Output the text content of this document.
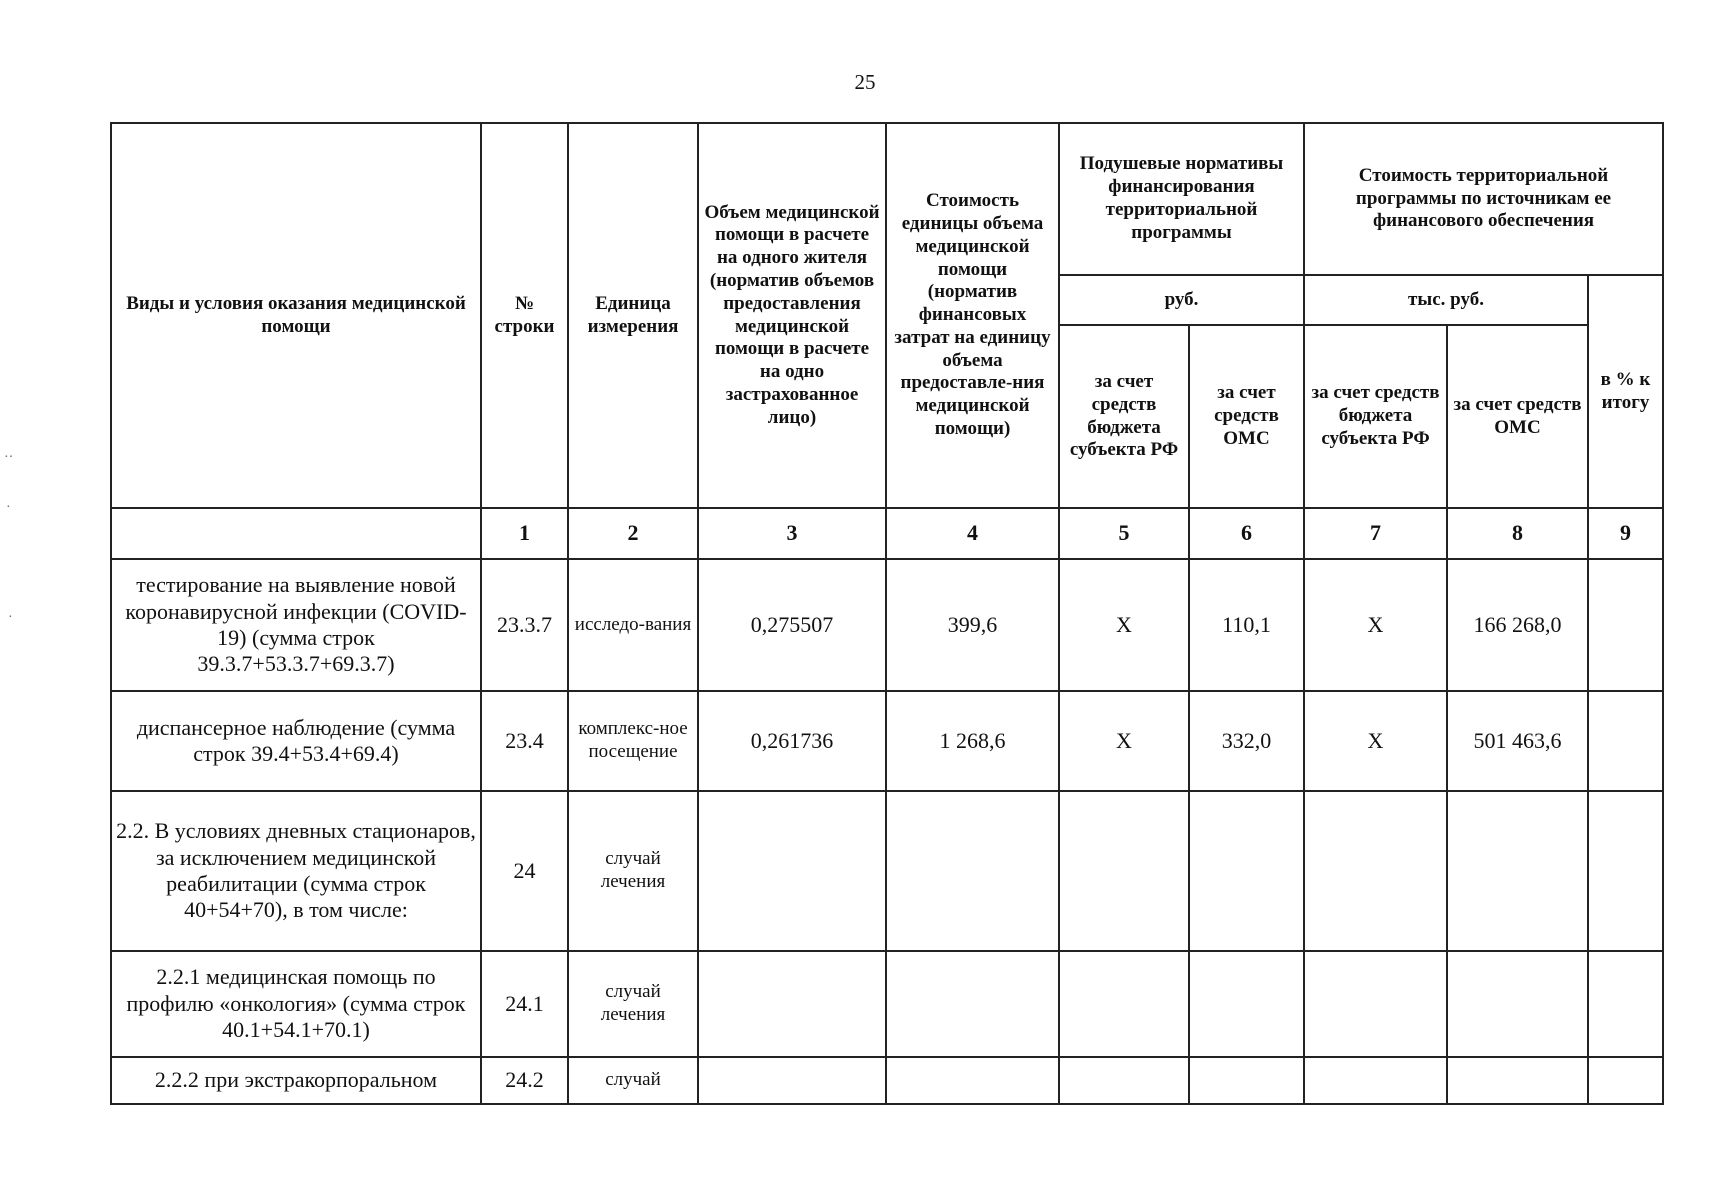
25
··
·
·
Виды и условия оказания медицинской помощи	№ строки	Единица измерения	Объем медицинской помощи в расчете на одного жителя (норматив объемов предоставления медицинской помощи в расчете на одно застрахованное лицо)	Стоимость единицы объема медицинской помощи (норматив финансовых затрат на единицу объема предоставле-ния медицинской помощи)	Подушевые нормативы финансирования территориальной программы		Стоимость территориальной программы по источникам ее финансового обеспечения		
					руб.		тыс. руб.		в % к итогу
					за счет средств бюджета субъекта РФ	за счет средств ОМС	за счет средств бюджета субъекта РФ	за счет средств ОМС	
	1	2	3	4	5	6	7	8	9
тестирование на выявление новой коронавирусной инфекции (COVID-19) (сумма строк 39.3.7+53.3.7+69.3.7)	23.3.7	исследо-вания	0,275507	399,6	Х	110,1	Х	166 268,0	
диспансерное наблюдение (сумма строк 39.4+53.4+69.4)	23.4	комплекс-ное посещение	0,261736	1 268,6	Х	332,0	Х	501 463,6	
2.2. В условиях дневных стационаров, за исключением медицинской реабилитации (сумма строк 40+54+70), в том числе:	24	случай лечения							
2.2.1 медицинская помощь по профилю «онкология» (сумма строк 40.1+54.1+70.1)	24.1	случай лечения							
2.2.2 при экстракорпоральном	24.2	случай							
